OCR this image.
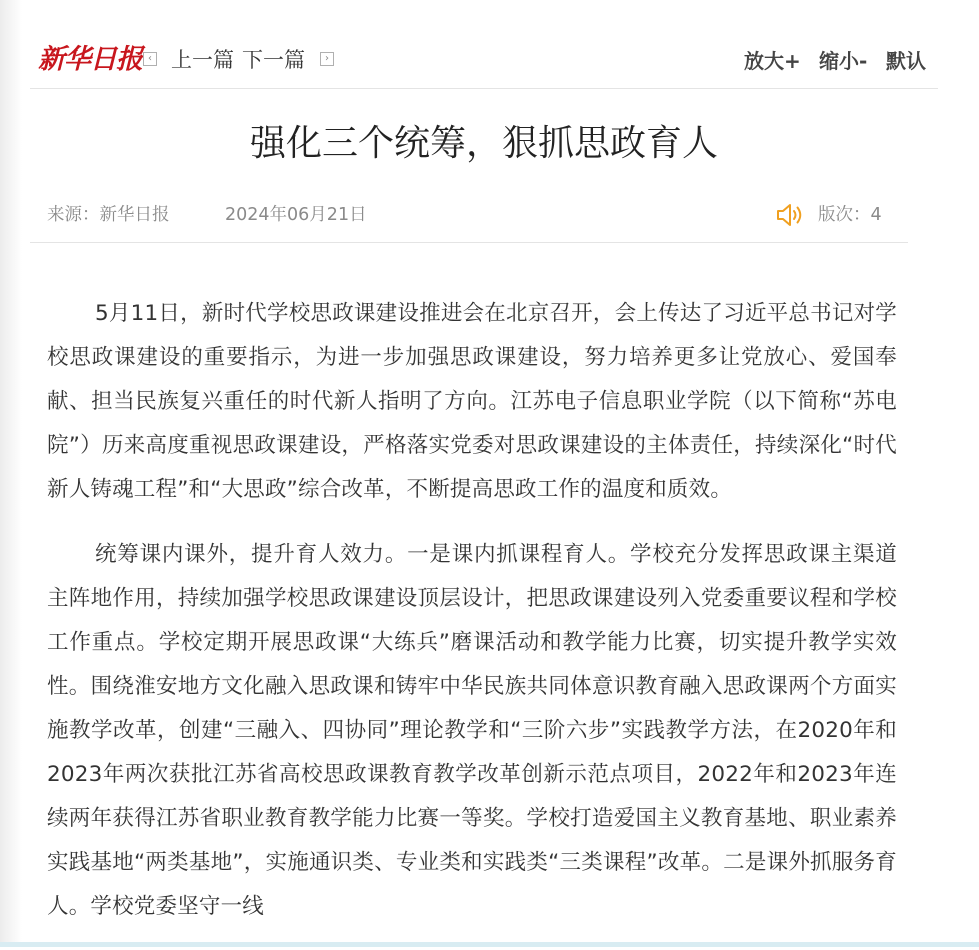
新华日报 ‹ 上一篇 下一篇	›	放大+ 缩小- 默认
强化三个统筹，狠抓思政育人
来源：新华日报	2024年06月21日	版次：4

5月11日，新时代学校思政课建设推进会在北京召开，会上传达了习近平总书记对学校思政课建设的重要指示，为进一步加强思政课建设，努力培养更多让党放心、爱国奉献、担当民族复兴重任的时代新人指明了方向。江苏电子信息职业学院（以下简称“苏电院”）历来高度重视思政课建设，严格落实党委对思政课建设的主体责任，持续深化“时代新人铸魂工程”和“大思政”综合改革，不断提高思政工作的温度和质效。

统筹课内课外，提升育人效力。一是课内抓课程育人。学校充分发挥思政课主渠道主阵地作用，持续加强学校思政课建设顶层设计，把思政课建设列入党委重要议程和学校工作重点。学校定期开展思政课“大练兵”磨课活动和教学能力比赛，切实提升教学实效性。围绕淮安地方文化融入思政课和铸牢中华民族共同体意识教育融入思政课两个方面实施教学改革，创建“三融入、四协同”理论教学和“三阶六步”实践教学方法，在2020年和2023年两次获批江苏省高校思政课教育教学改革创新示范点项目，2022年和2023年连续两年获得江苏省职业教育教学能力比赛一等奖。学校打造爱国主义教育基地、职业素养实践基地“两类基地”，实施通识类、专业类和实践类“三类课程”改革。二是课外抓服务育人。学校党委坚守一线
